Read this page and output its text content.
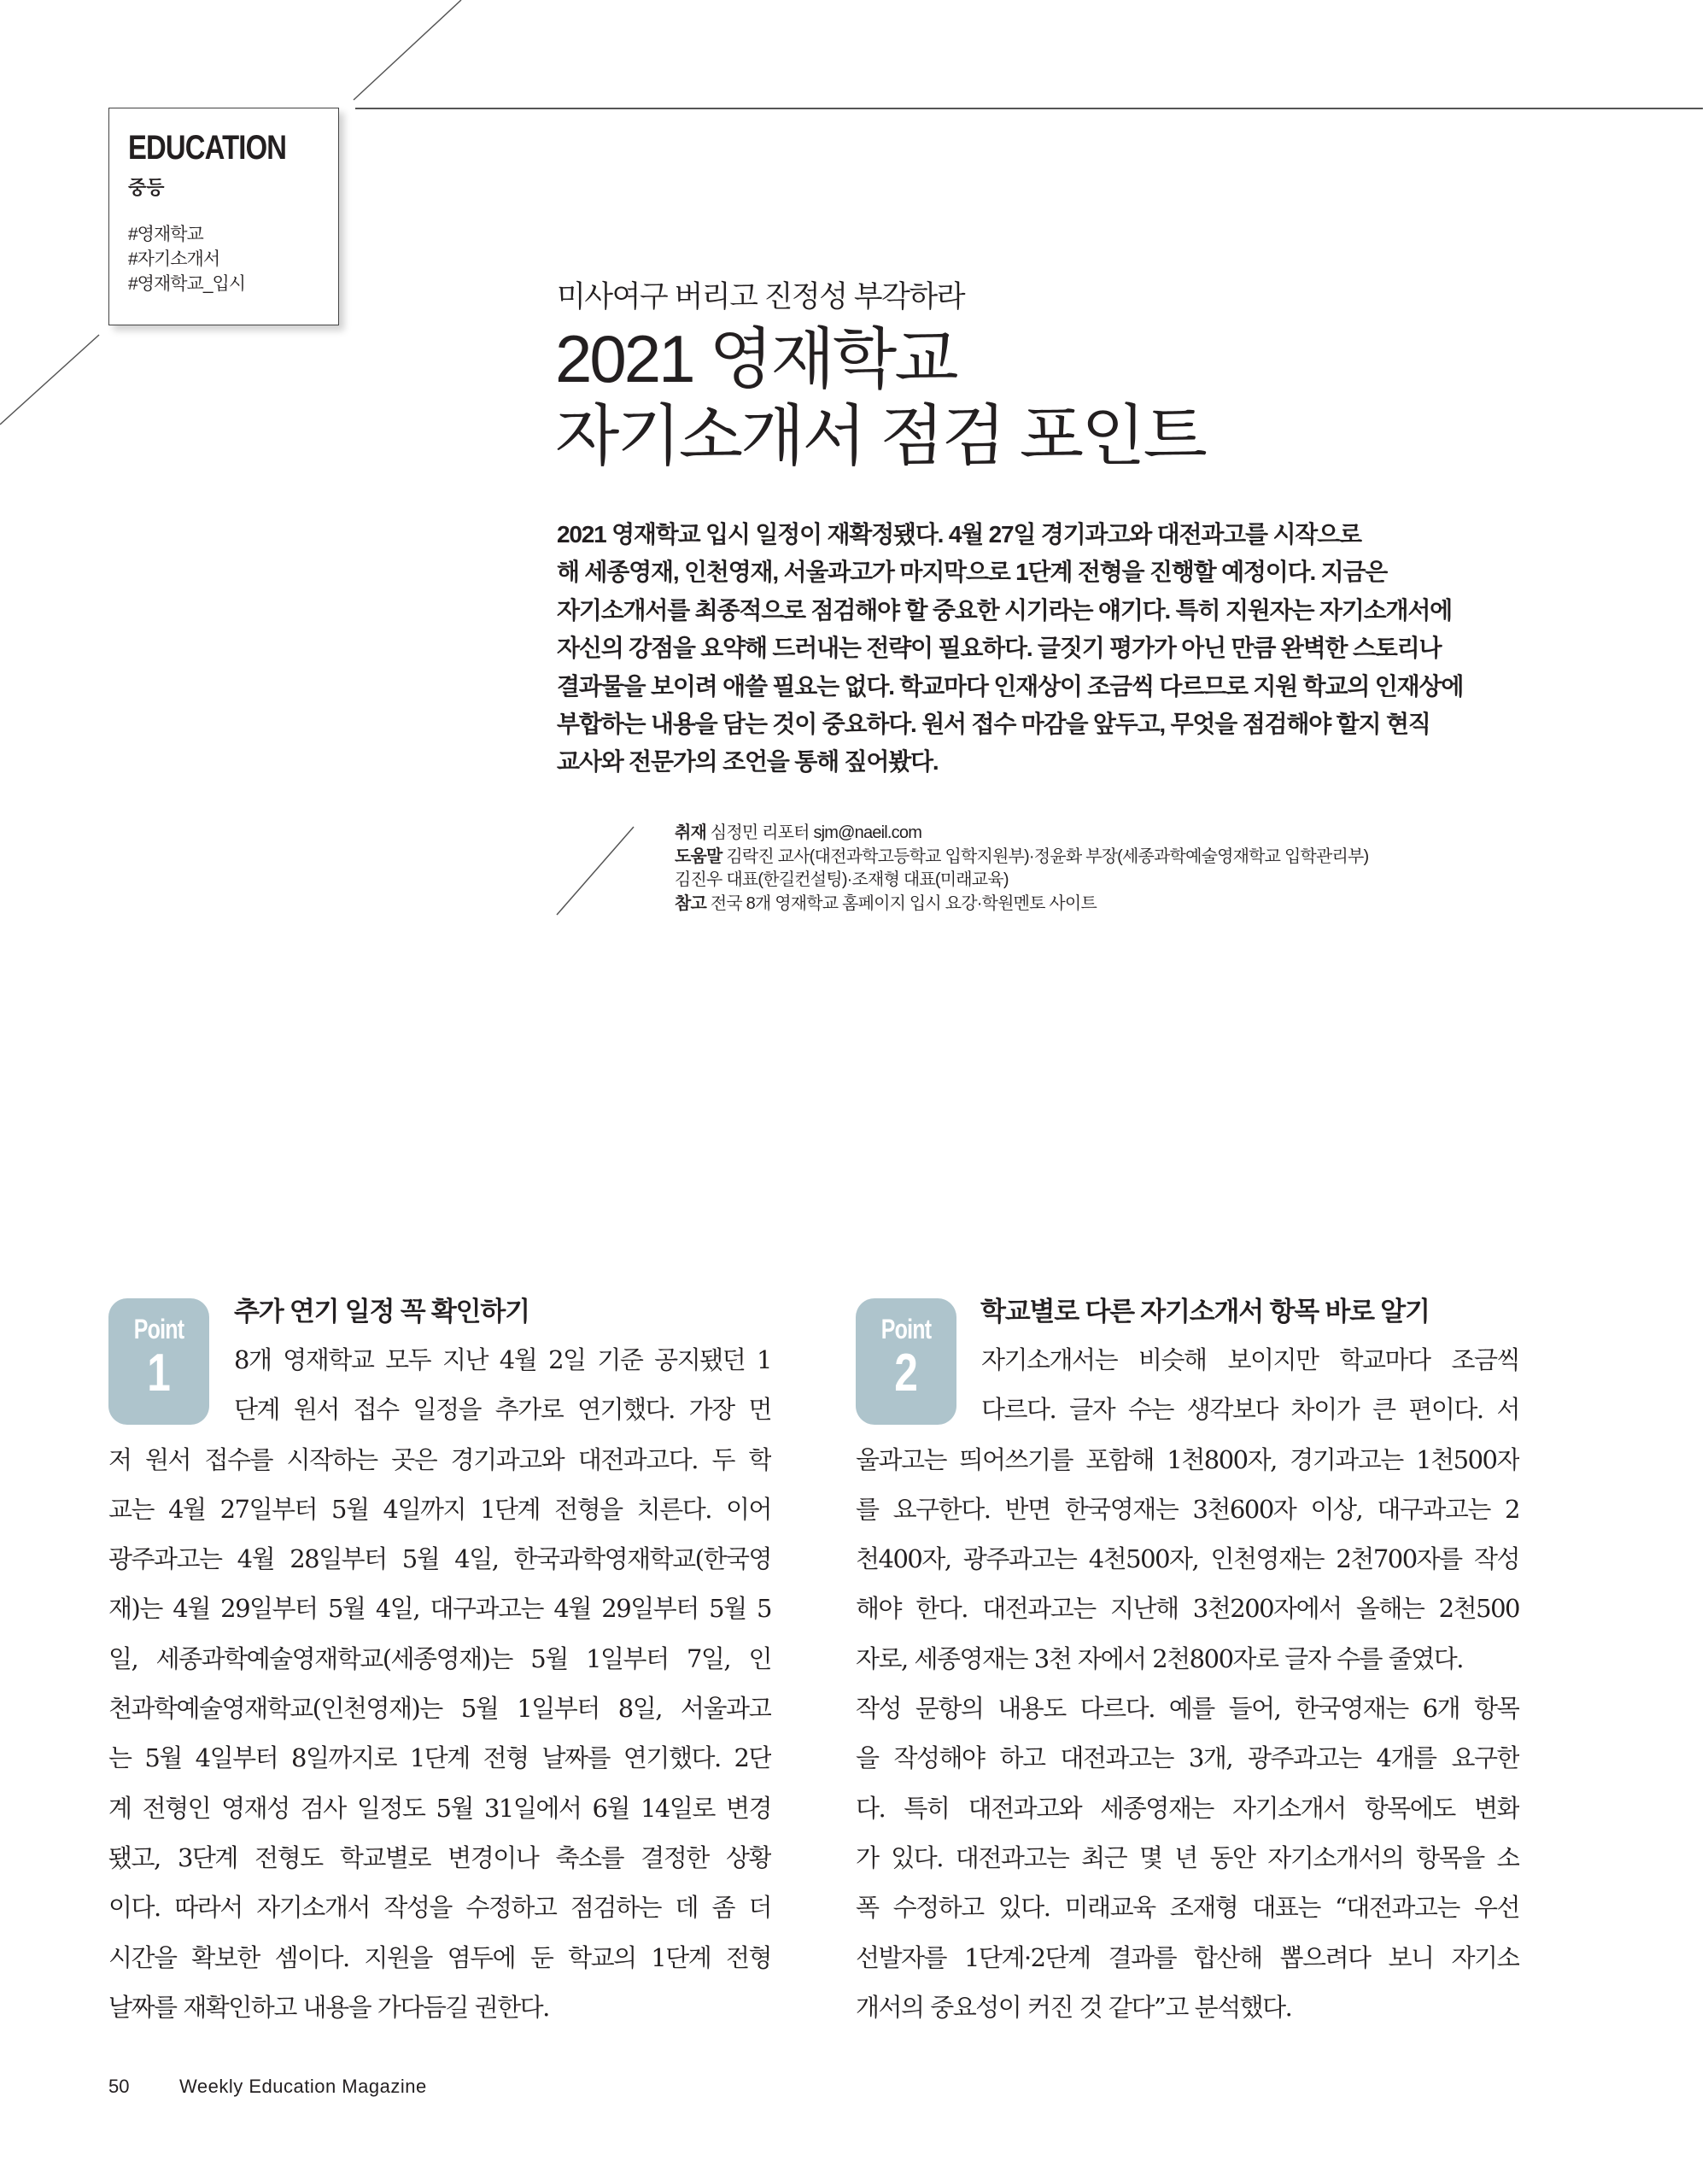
EDUCATION
중등
#영재학교
#자기소개서
#영재학교_입시	미사여구 버리고 진정성 부각하라
2021 영재학교
자기소개서 점검 포인트
2021 영재학교 입시 일정이 재확정됐다. 4월 27일 경기과고와 대전과고를 시작으로
해 세종영재, 인천영재, 서울과고가 마지막으로 1단계 전형을 진행할 예정이다. 지금은
자기소개서를 최종적으로 점검해야 할 중요한 시기라는 얘기다. 특히 지원자는 자기소개서에
자신의 강점을 요약해 드러내는 전략이 필요하다. 글짓기 평가가 아닌 만큼 완벽한 스토리나
결과물을 보이려 애쓸 필요는 없다. 학교마다 인재상이 조금씩 다르므로 지원 학교의 인재상에
부합하는 내용을 담는 것이 중요하다. 원서 접수 마감을 앞두고, 무엇을 점검해야 할지 현직
교사와 전문가의 조언을 통해 짚어봤다.
취재 심정민 리포터 sjm@naeil.com
도움말 김락진 교사(대전과학고등학교 입학지원부)·정윤화 부장(세종과학예술영재학교 입학관리부)
김진우 대표(한길컨설팅)·조재형 대표(미래교육)
참고 전국 8개 영재학교 홈페이지 입시 요강·학원멘토 사이트
Point
1
추가 연기 일정 꼭 확인하기
8개 영재학교 모두 지난 4월 2일 기준 공지됐던 1
단계 원서 접수 일정을 추가로 연기했다. 가장 먼
저 원서 접수를 시작하는 곳은 경기과고와 대전과고다. 두 학
교는 4월 27일부터 5월 4일까지 1단계 전형을 치른다. 이어
광주과고는 4월 28일부터 5월 4일, 한국과학영재학교(한국영
재)는 4월 29일부터 5월 4일, 대구과고는 4월 29일부터 5월 5
일, 세종과학예술영재학교(세종영재)는 5월 1일부터 7일, 인
천과학예술영재학교(인천영재)는 5월 1일부터 8일, 서울과고
는 5월 4일부터 8일까지로 1단계 전형 날짜를 연기했다. 2단
계 전형인 영재성 검사 일정도 5월 31일에서 6월 14일로 변경
됐고, 3단계 전형도 학교별로 변경이나 축소를 결정한 상황
이다. 따라서 자기소개서 작성을 수정하고 점검하는 데 좀 더
시간을 확보한 셈이다. 지원을 염두에 둔 학교의 1단계 전형
날짜를 재확인하고 내용을 가다듬길 권한다.
Point
2
학교별로 다른 자기소개서 항목 바로 알기
자기소개서는 비슷해 보이지만 학교마다 조금씩
다르다. 글자 수는 생각보다 차이가 큰 편이다. 서
울과고는 띄어쓰기를 포함해 1천800자, 경기과고는 1천500자
를 요구한다. 반면 한국영재는 3천600자 이상, 대구과고는 2
천400자, 광주과고는 4천500자, 인천영재는 2천700자를 작성
해야 한다. 대전과고는 지난해 3천200자에서 올해는 2천500
자로, 세종영재는 3천 자에서 2천800자로 글자 수를 줄였다.
작성 문항의 내용도 다르다. 예를 들어, 한국영재는 6개 항목
을 작성해야 하고 대전과고는 3개, 광주과고는 4개를 요구한
다. 특히 대전과고와 세종영재는 자기소개서 항목에도 변화
가 있다. 대전과고는 최근 몇 년 동안 자기소개서의 항목을 소
폭 수정하고 있다. 미래교육 조재형 대표는 “대전과고는 우선
선발자를 1단계·2단계 결과를 합산해 뽑으려다 보니 자기소
개서의 중요성이 커진 것 같다”고 분석했다.
50	Weekly Education Magazine
